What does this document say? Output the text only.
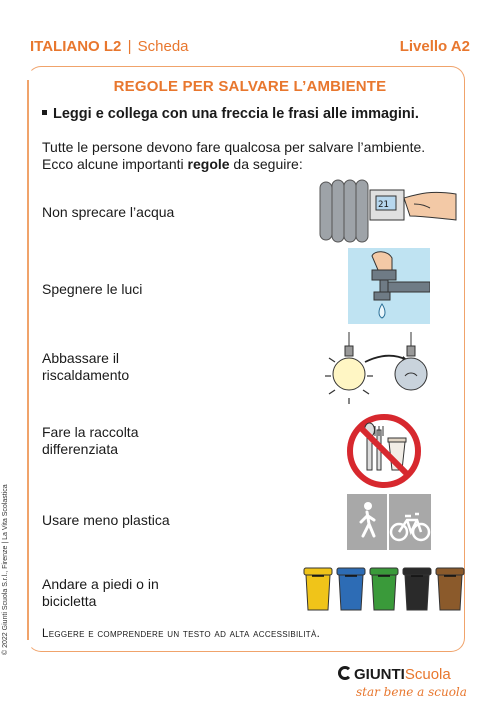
ITALIANO L2 | Scheda	Livello A2
REGOLE PER SALVARE L’AMBIENTE
Leggi e collega con una freccia le frasi alle immagini.
Tutte le persone devono fare qualcosa per salvare l’ambiente.
Ecco alcune importanti regole da seguire:
Non sprecare l’acqua
Spegnere le luci
Abbassare il
riscaldamento
Fare la raccolta
differenziata
Usare meno plastica
Andare a piedi o in
bicicletta
21
Leggere e comprendere un testo ad alta accessibilità.
© 2022 Giunti Scuola S.r.l., Firenze | La Vita Scolastica
GIUNTIScuola
star bene a scuola
